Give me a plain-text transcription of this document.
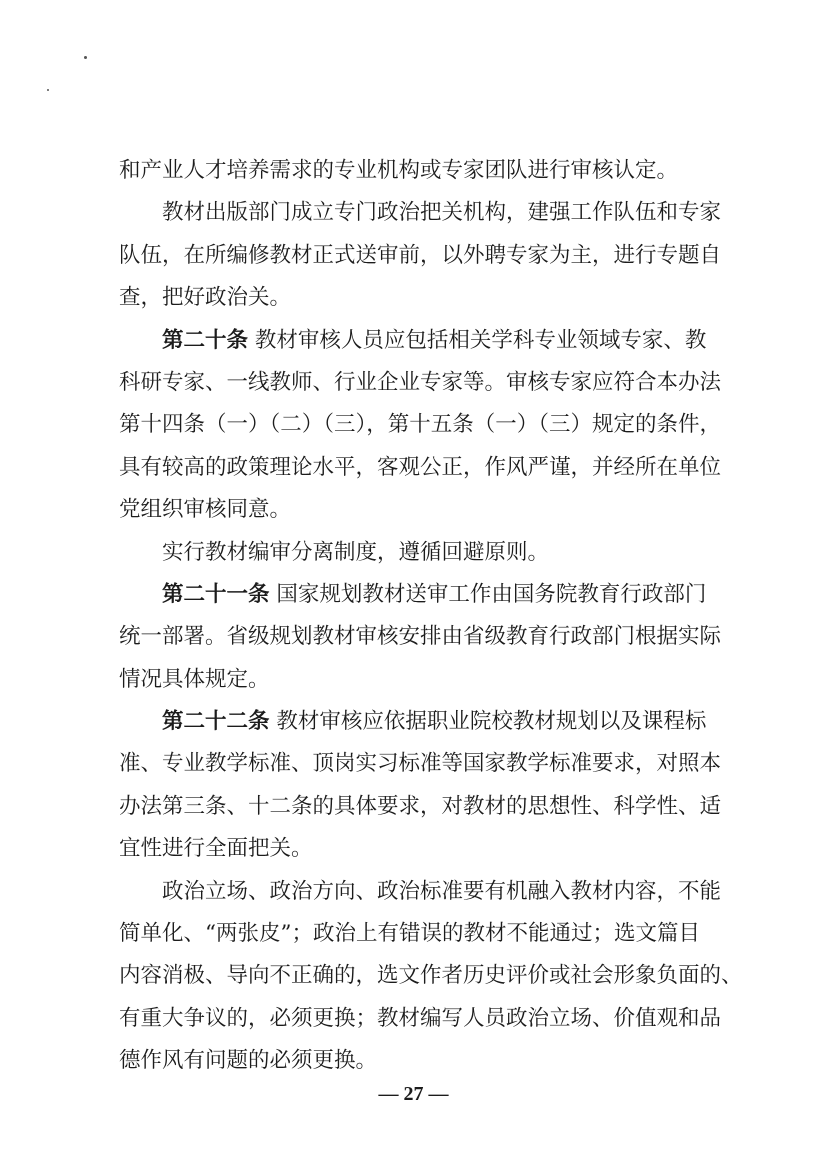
和产业人才培养需求的专业机构或专家团队进行审核认定。
教材出版部门成立专门政治把关机构，建强工作队伍和专家
队伍，在所编修教材正式送审前，以外聘专家为主，进行专题自
查，把好政治关。
第二十条 教材审核人员应包括相关学科专业领域专家、教
科研专家、一线教师、行业企业专家等。审核专家应符合本办法
第十四条（一）（二）（三），第十五条（一）（三）规定的条件，
具有较高的政策理论水平，客观公正，作风严谨，并经所在单位
党组织审核同意。
实行教材编审分离制度，遵循回避原则。
第二十一条 国家规划教材送审工作由国务院教育行政部门
统一部署。省级规划教材审核安排由省级教育行政部门根据实际
情况具体规定。
第二十二条 教材审核应依据职业院校教材规划以及课程标
准、专业教学标准、顶岗实习标准等国家教学标准要求，对照本
办法第三条、十二条的具体要求，对教材的思想性、科学性、适
宜性进行全面把关。
政治立场、政治方向、政治标准要有机融入教材内容，不能
简单化、“两张皮”；政治上有错误的教材不能通过；选文篇目
内容消极、导向不正确的，选文作者历史评价或社会形象负面的、
有重大争议的，必须更换；教材编写人员政治立场、价值观和品
德作风有问题的必须更换。
— 27 —
